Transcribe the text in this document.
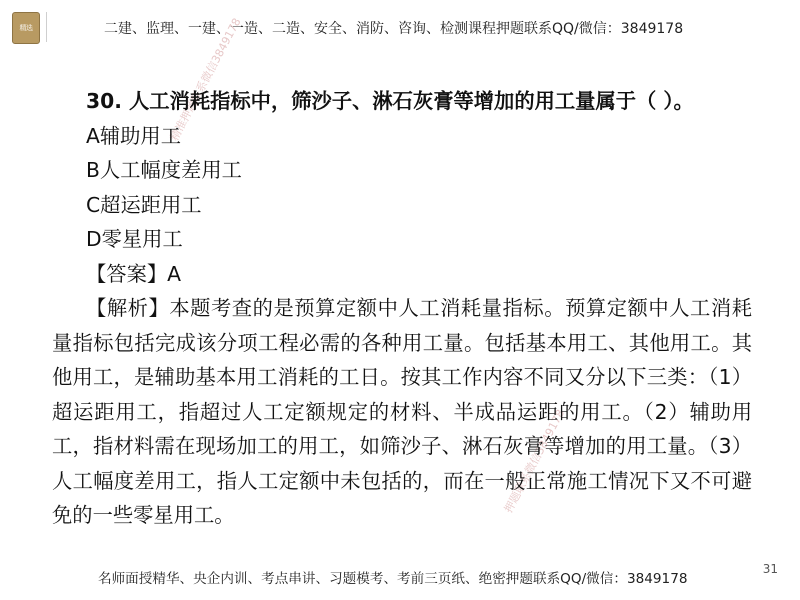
精选	二建、监理、一建、一造、二造、安全、消防、咨询、检测课程押题联系QQ/微信：3849178
精准押题联系微信3849178
押题联系微信3849178
30. 人工消耗指标中，筛沙子、淋石灰膏等增加的用工量属于（ ）。
A辅助用工
B人工幅度差用工
C超运距用工
D零星用工
【答案】A
【解析】本题考查的是预算定额中人工消耗量指标。预算定额中人工消耗量指标包括完成该分项工程必需的各种用工量。包括基本用工、其他用工。其他用工，是辅助基本用工消耗的工日。按其工作内容不同又分以下三类：（1）超运距用工，指超过人工定额规定的材料、半成品运距的用工。（2）辅助用工，指材料需在现场加工的用工，如筛沙子、淋石灰膏等增加的用工量。（3）人工幅度差用工，指人工定额中未包括的，而在一般正常施工情况下又不可避免的一些零星用工。
名师面授精华、央企内训、考点串讲、习题模考、考前三页纸、绝密押题联系QQ/微信：3849178
31
